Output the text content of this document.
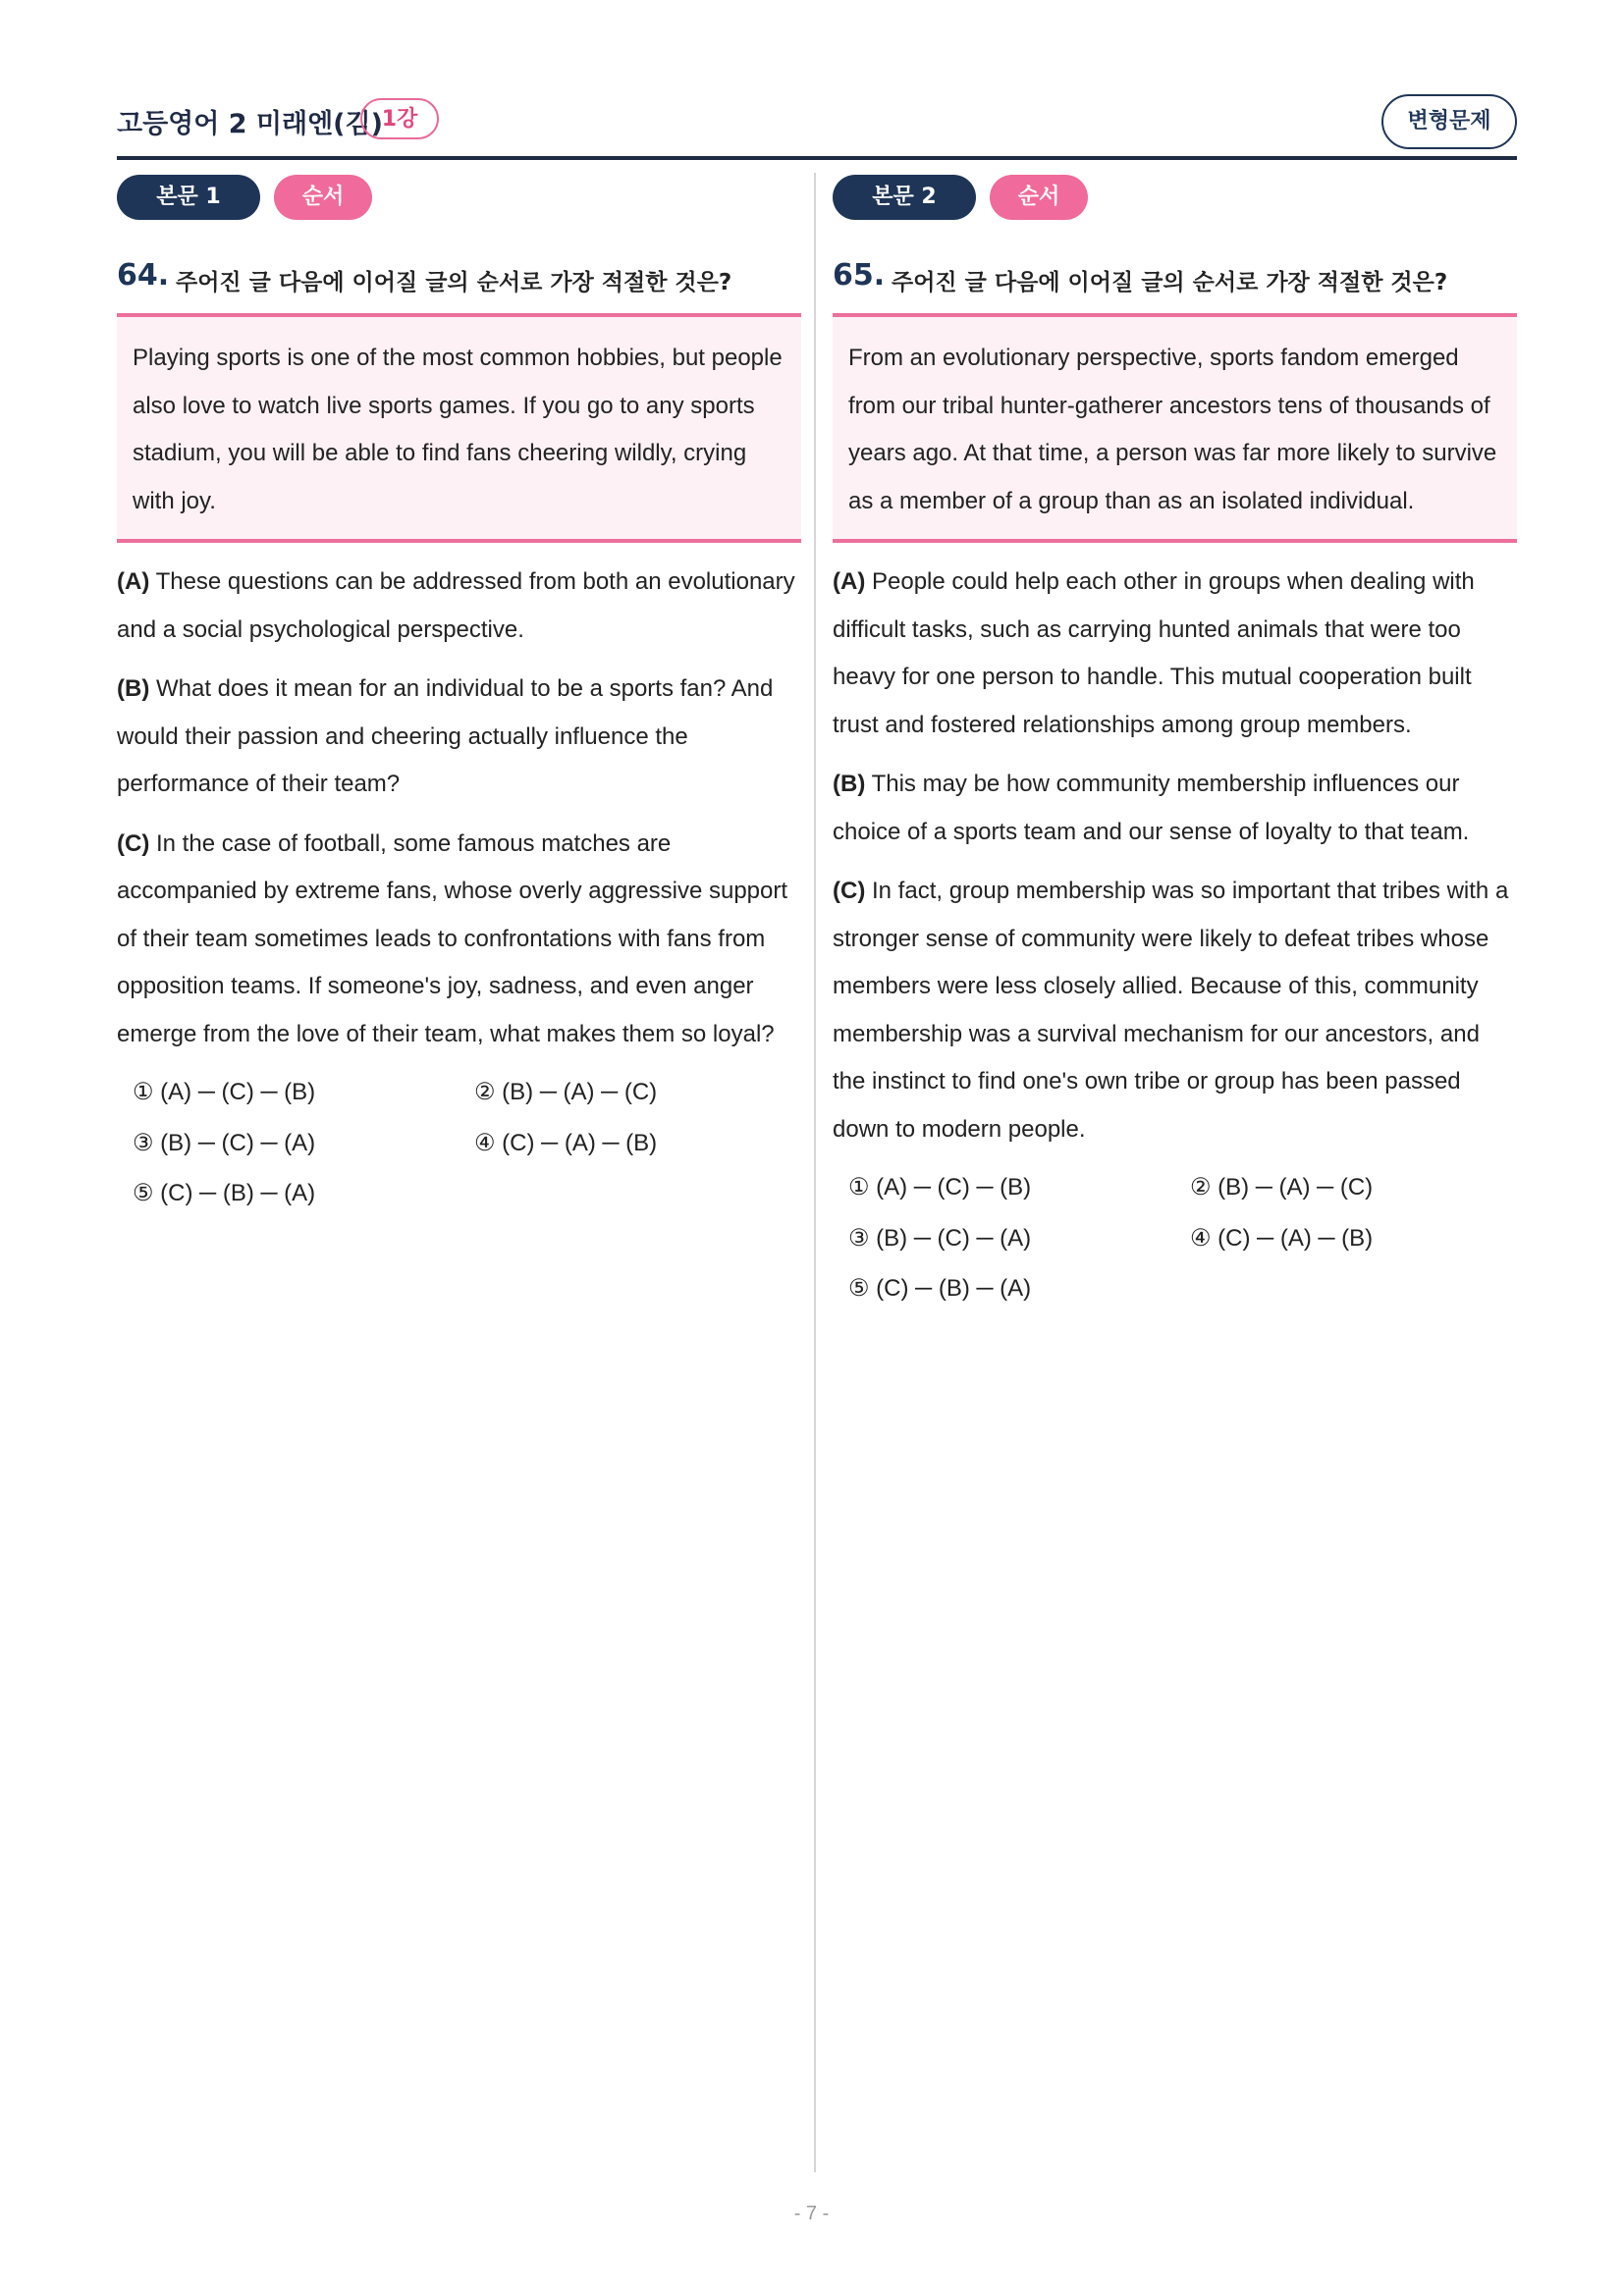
고등영어 2 미래엔(김)
1강	변형문제
본문 1	순서
64. 주어진 글 다음에 이어질 글의 순서로 가장 적절한 것은?

Playing sports is one of the most common hobbies, but people also love to watch live sports games. If you go to any sports stadium, you will be able to find fans cheering wildly, crying with joy.

(A) These questions can be addressed from both an evolutionary and a social psychological perspective.

(B) What does it mean for an individual to be a sports fan? And would their passion and cheering actually influence the performance of their team?

(C) In the case of football, some famous matches are accompanied by extreme fans, whose overly aggressive support of their team sometimes leads to confrontations with fans from opposition teams. If someone's joy, sadness, and even anger emerge from the love of their team, what makes them so loyal?

① (A) ─ (C) ─ (B)	② (B) ─ (A) ─ (C)
③ (B) ─ (C) ─ (A)	④ (C) ─ (A) ─ (B)
⑤ (C) ─ (B) ─ (A)
본문 2	순서
65. 주어진 글 다음에 이어질 글의 순서로 가장 적절한 것은?

From an evolutionary perspective, sports fandom emerged from our tribal hunter-gatherer ancestors tens of thousands of years ago. At that time, a person was far more likely to survive as a member of a group than as an isolated individual.

(A) People could help each other in groups when dealing with difficult tasks, such as carrying hunted animals that were too heavy for one person to handle. This mutual cooperation built trust and fostered relationships among group members.

(B) This may be how community membership influences our choice of a sports team and our sense of loyalty to that team.

(C) In fact, group membership was so important that tribes with a stronger sense of community were likely to defeat tribes whose members were less closely allied. Because of this, community membership was a survival mechanism for our ancestors, and the instinct to find one's own tribe or group has been passed down to modern people.

① (A) ─ (C) ─ (B)	② (B) ─ (A) ─ (C)
③ (B) ─ (C) ─ (A)	④ (C) ─ (A) ─ (B)
⑤ (C) ─ (B) ─ (A)
- 7 -
